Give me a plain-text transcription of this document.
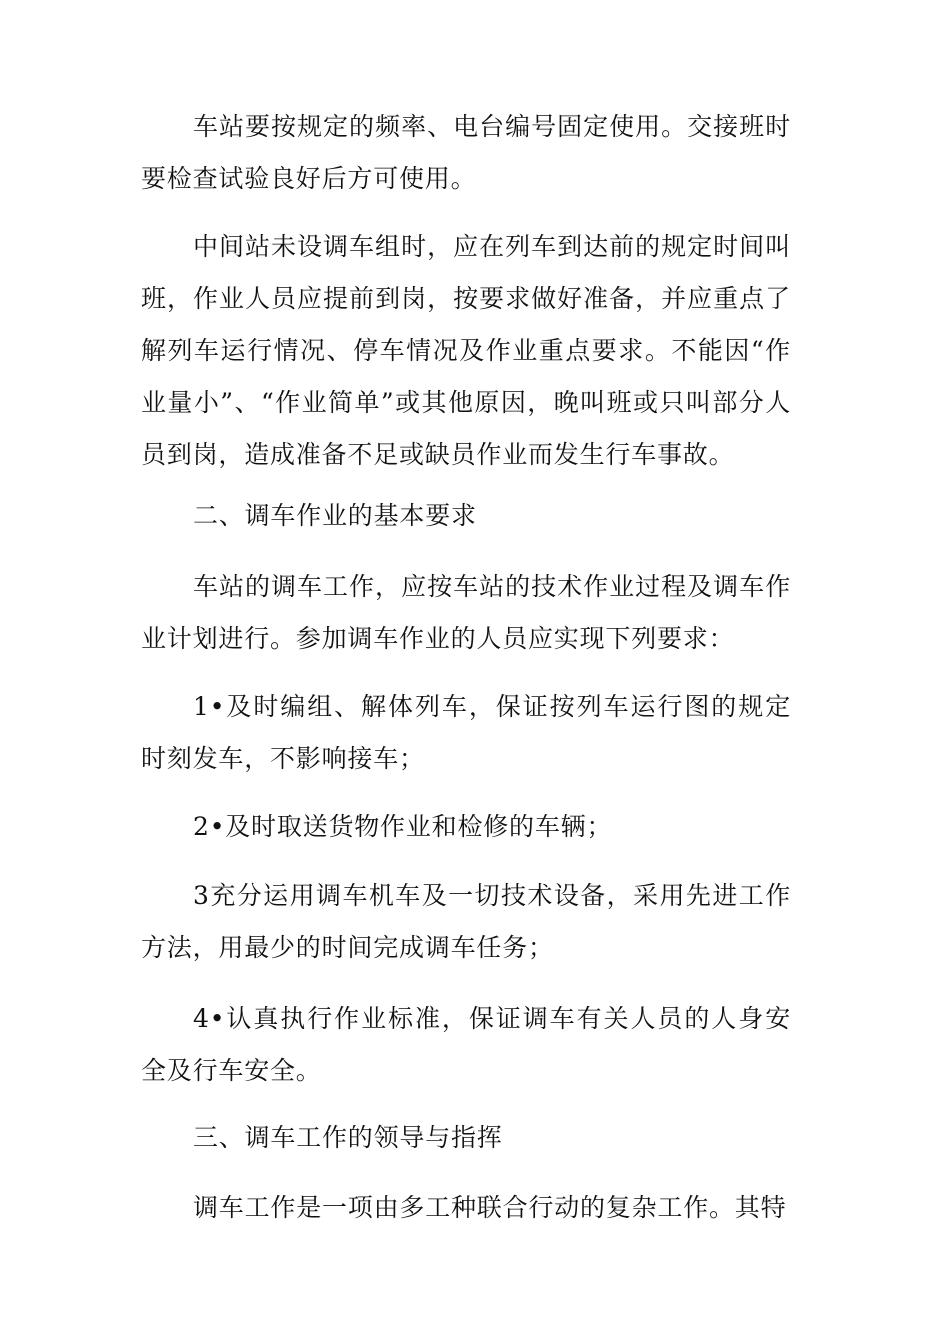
车站要按规定的频率、电台编号固定使用。交接班时要检查试验良好后方可使用。

中间站未设调车组时，应在列车到达前的规定时间叫班，作业人员应提前到岗，按要求做好准备，并应重点了解列车运行情况、停车情况及作业重点要求。不能因“作业量小”、“作业简单”或其他原因，晚叫班或只叫部分人员到岗，造成准备不足或缺员作业而发生行车事故。

二、调车作业的基本要求

车站的调车工作，应按车站的技术作业过程及调车作业计划进行。参加调车作业的人员应实现下列要求：

1•及时编组、解体列车，保证按列车运行图的规定时刻发车，不影响接车；

2•及时取送货物作业和检修的车辆；

3充分运用调车机车及一切技术设备，采用先进工作方法，用最少的时间完成调车任务；

4•认真执行作业标准，保证调车有关人员的人身安全及行车安全。

三、调车工作的领导与指挥

调车工作是一项由多工种联合行动的复杂工作。其特
